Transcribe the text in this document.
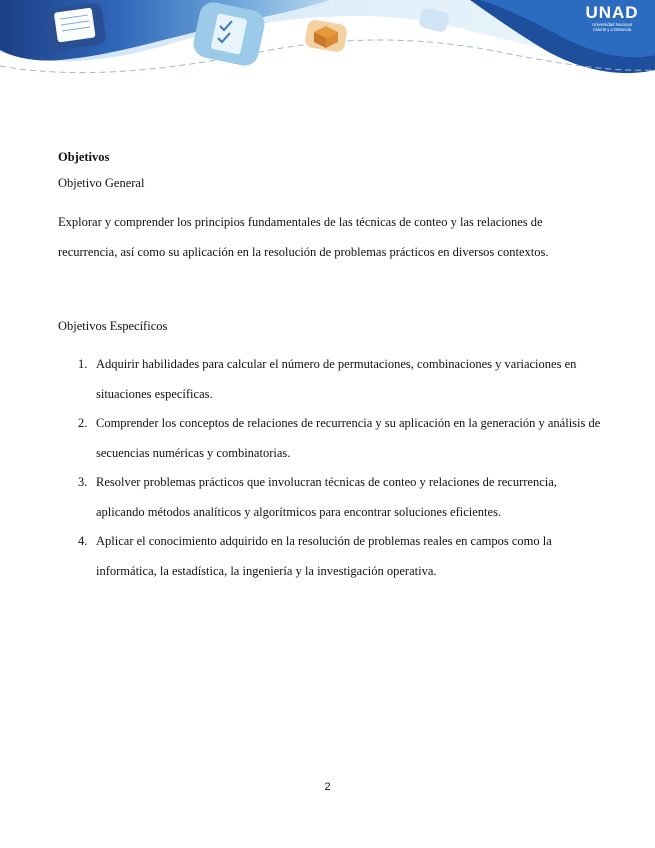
UNAD
Universidad Nacional
Abierta y a Distancia
Objetivos
Objetivo General
Explorar y comprender los principios fundamentales de las técnicas de conteo y las relaciones de recurrencia, así como su aplicación en la resolución de problemas prácticos en diversos contextos.
Objetivos Específicos
1. Adquirir habilidades para calcular el número de permutaciones, combinaciones y variaciones en situaciones específicas.
2. Comprender los conceptos de relaciones de recurrencia y su aplicación en la generación y análisis de secuencias numéricas y combinatorias.
3. Resolver problemas prácticos que involucran técnicas de conteo y relaciones de recurrencia, aplicando métodos analíticos y algorítmicos para encontrar soluciones eficientes.
4. Aplicar el conocimiento adquirido en la resolución de problemas reales en campos como la informática, la estadística, la ingeniería y la investigación operativa.
2
